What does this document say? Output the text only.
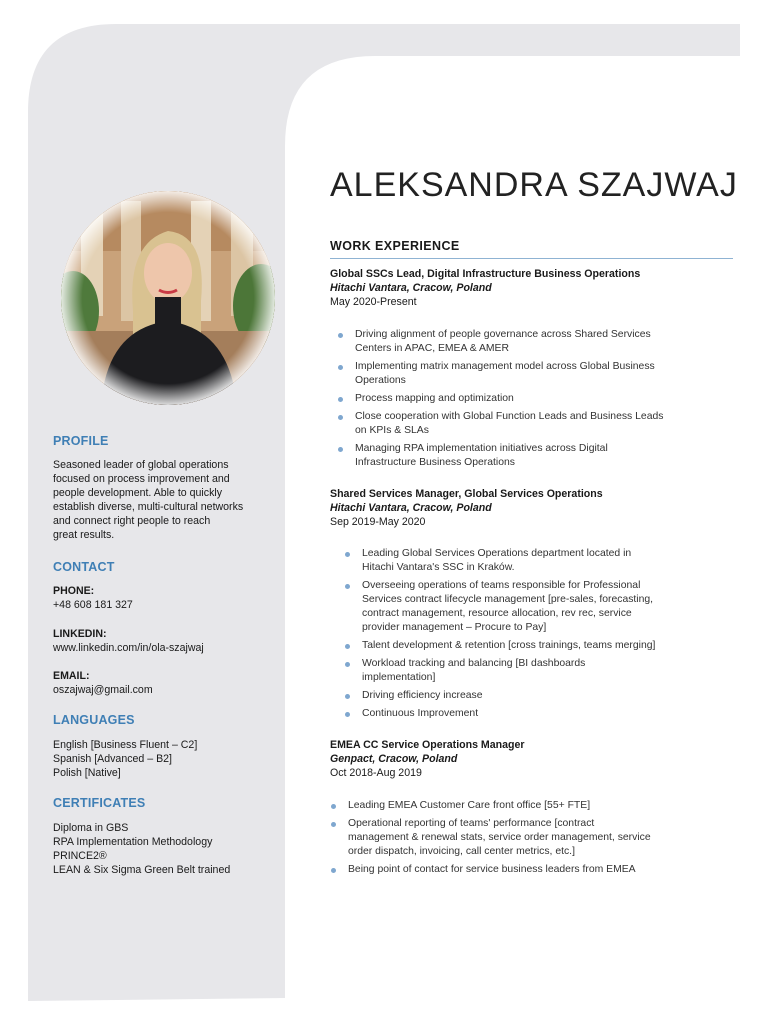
PROFILE
Seasoned leader of global operations
focused on process improvement and
people development. Able to quickly
establish diverse, multi-cultural networks
and connect right people to reach
great results.
CONTACT
PHONE:
+48 608 181 327
LINKEDIN:
www.linkedin.com/in/ola-szajwaj
EMAIL:
oszajwaj@gmail.com
LANGUAGES
English [Business Fluent – C2]
Spanish [Advanced – B2]
Polish [Native]
CERTIFICATES
Diploma in GBS
RPA Implementation Methodology
PRINCE2®
LEAN & Six Sigma Green Belt trained
ALEKSANDRA SZAJWAJ
WORK EXPERIENCE
Global SSCs Lead, Digital Infrastructure Business Operations
Hitachi Vantara, Cracow, Poland
May 2020-Present
Driving alignment of people governance across Shared Services
Centers in APAC, EMEA & AMER
Implementing matrix management model across Global Business
Operations
Process mapping and optimization
Close cooperation with Global Function Leads and Business Leads
on KPIs & SLAs
Managing RPA implementation initiatives across Digital
Infrastructure Business Operations
Shared Services Manager, Global Services Operations
Hitachi Vantara, Cracow, Poland
Sep 2019-May 2020
Leading Global Services Operations department located in
Hitachi Vantara's SSC in Kraków.
Overseeing operations of teams responsible for Professional
Services contract lifecycle management [pre-sales, forecasting,
contract management, resource allocation, rev rec, service
provider management – Procure to Pay]
Talent development & retention [cross trainings, teams merging]
Workload tracking and balancing [BI dashboards
implementation]
Driving efficiency increase
Continuous Improvement
EMEA CC Service Operations Manager
Genpact, Cracow, Poland
Oct 2018-Aug 2019
Leading EMEA Customer Care front office [55+ FTE]
Operational reporting of teams' performance [contract
management & renewal stats, service order management, service
order dispatch, invoicing, call center metrics, etc.]
Being point of contact for service business leaders from EMEA
